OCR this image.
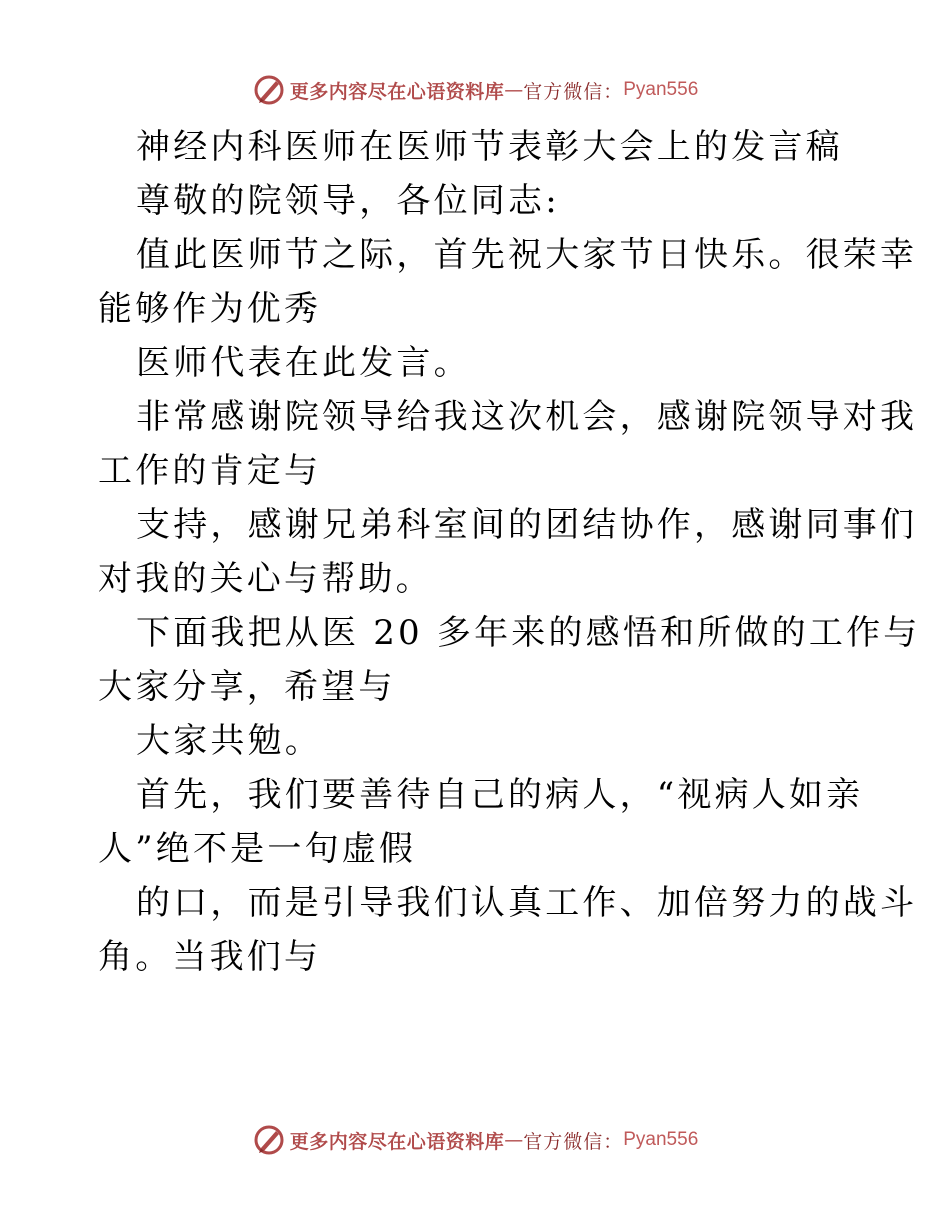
更多内容尽在心语资料库 — 官方微信： Pyan556
神经内科医师在医师节表彰大会上的发言稿
尊敬的院领导，各位同志:
值此医师节之际，首先祝大家节日快乐。很荣幸
能够作为优秀
医师代表在此发言。
非常感谢院领导给我这次机会，感谢院领导对我
工作的肯定与
支持，感谢兄弟科室间的团结协作，感谢同事们
对我的关心与帮助。
下面我把从医 20 多年来的感悟和所做的工作与
大家分享，希望与
大家共勉。
首先，我们要善待自己的病人，“视病人如亲
人”绝不是一句虚假
的口，而是引导我们认真工作、加倍努力的战斗
角。当我们与
更多内容尽在心语资料库 — 官方微信： Pyan556
